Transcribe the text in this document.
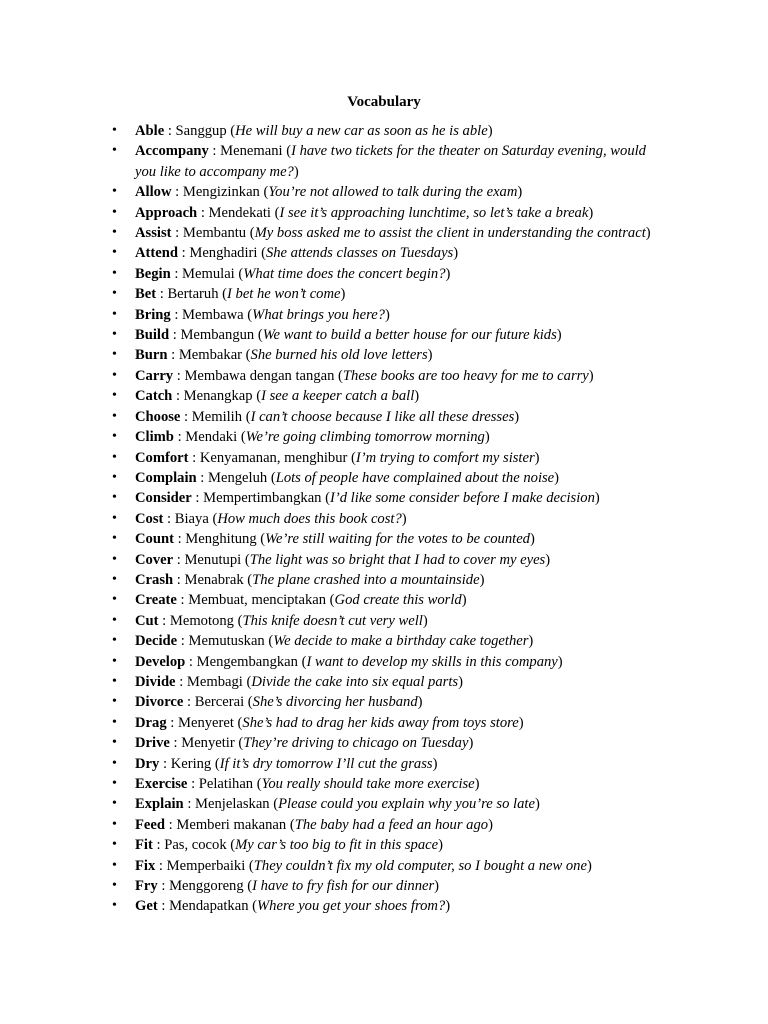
Vocabulary
• Able : Sanggup (He will buy a new car as soon as he is able)
• Accompany : Menemani (I have two tickets for the theater on Saturday evening, would you like to accompany me?)
• Allow : Mengizinkan (You’re not allowed to talk during the exam)
• Approach : Mendekati (I see it’s approaching lunchtime, so let’s take a break)
• Assist : Membantu (My boss asked me to assist the client in understanding the contract)
• Attend : Menghadiri (She attends classes on Tuesdays)
• Begin : Memulai (What time does the concert begin?)
• Bet : Bertaruh (I bet he won’t come)
• Bring : Membawa (What brings you here?)
• Build : Membangun (We want to build a better house for our future kids)
• Burn : Membakar (She burned his old love letters)
• Carry : Membawa dengan tangan (These books are too heavy for me to carry)
• Catch : Menangkap (I see a keeper catch a ball)
• Choose : Memilih (I can’t choose because I like all these dresses)
• Climb : Mendaki (We’re going climbing tomorrow morning)
• Comfort : Kenyamanan, menghibur (I’m trying to comfort my sister)
• Complain : Mengeluh (Lots of people have complained about the noise)
• Consider : Mempertimbangkan (I’d like some consider before I make decision)
• Cost : Biaya (How much does this book cost?)
• Count : Menghitung (We’re still waiting for the votes to be counted)
• Cover : Menutupi (The light was so bright that I had to cover my eyes)
• Crash : Menabrak (The plane crashed into a mountainside)
• Create : Membuat, menciptakan (God create this world)
• Cut : Memotong (This knife doesn’t cut very well)
• Decide : Memutuskan (We decide to make a birthday cake together)
• Develop : Mengembangkan (I want to develop my skills in this company)
• Divide : Membagi (Divide the cake into six equal parts)
• Divorce : Bercerai (She’s divorcing her husband)
• Drag : Menyeret (She’s had to drag her kids away from toys store)
• Drive : Menyetir (They’re driving to chicago on Tuesday)
• Dry : Kering (If it’s dry tomorrow I’ll cut the grass)
• Exercise : Pelatihan (You really should take more exercise)
• Explain : Menjelaskan (Please could you explain why you’re so late)
• Feed : Memberi makanan (The baby had a feed an hour ago)
• Fit : Pas, cocok (My car’s too big to fit in this space)
• Fix : Memperbaiki (They couldn’t fix my old computer, so I bought a new one)
• Fry : Menggoreng (I have to fry fish for our dinner)
• Get : Mendapatkan (Where you get your shoes from?)
